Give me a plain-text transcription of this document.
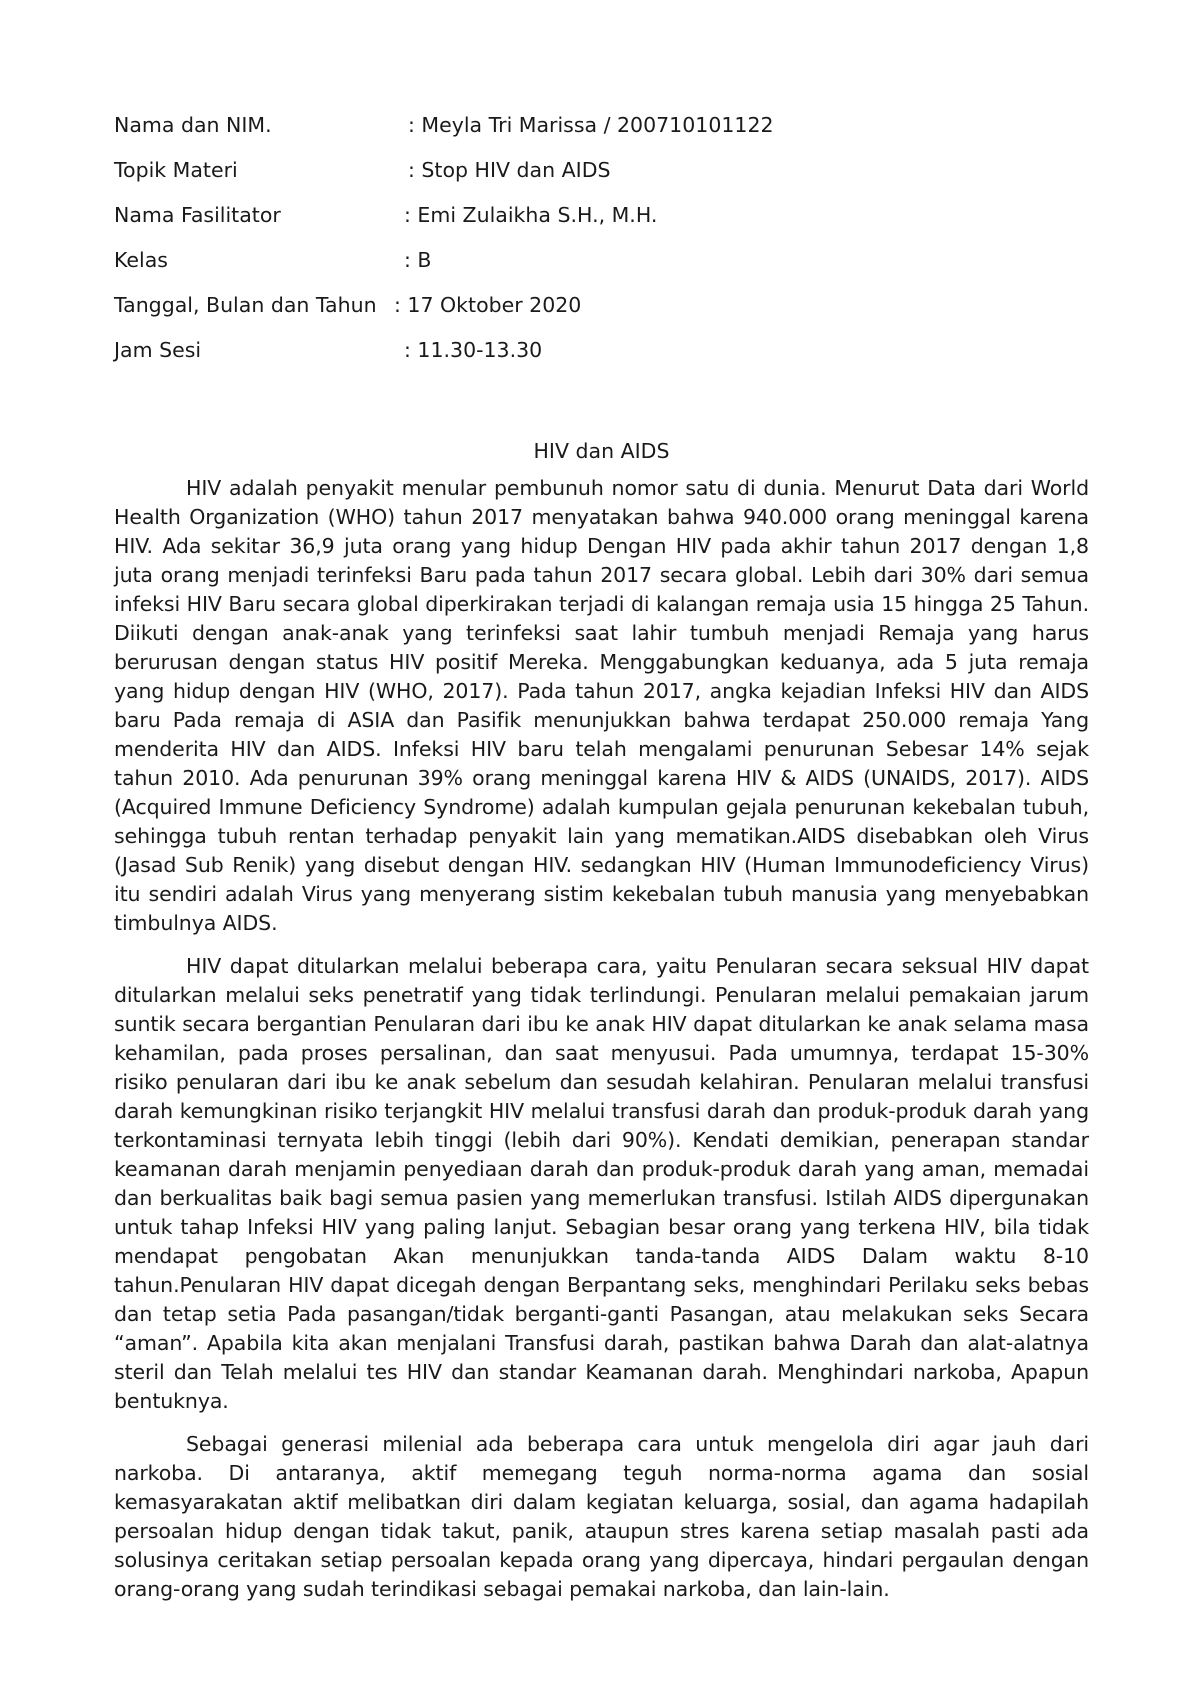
Nama dan NIM.	: Meyla Tri Marissa / 200710101122
Topik Materi	: Stop HIV dan AIDS
Nama Fasilitator	: Emi Zulaikha S.H., M.H.
Kelas	: B
Tanggal, Bulan dan Tahun : 17 Oktober 2020
Jam Sesi	: 11.30-13.30
HIV dan AIDS

HIV adalah penyakit menular pembunuh nomor satu di dunia. Menurut Data dari World Health Organization (WHO) tahun 2017 menyatakan bahwa 940.000 orang meninggal karena HIV. Ada sekitar 36,9 juta orang yang hidup Dengan HIV pada akhir tahun 2017 dengan 1,8 juta orang menjadi terinfeksi Baru pada tahun 2017 secara global. Lebih dari 30% dari semua infeksi HIV Baru secara global diperkirakan terjadi di kalangan remaja usia 15 hingga 25 Tahun. Diikuti dengan anak-anak yang terinfeksi saat lahir tumbuh menjadi Remaja yang harus berurusan dengan status HIV positif Mereka. Menggabungkan keduanya, ada 5 juta remaja yang hidup dengan HIV (WHO, 2017). Pada tahun 2017, angka kejadian Infeksi HIV dan AIDS baru Pada remaja di ASIA dan Pasifik menunjukkan bahwa terdapat 250.000 remaja Yang menderita HIV dan AIDS. Infeksi HIV baru telah mengalami penurunan Sebesar 14% sejak tahun 2010. Ada penurunan 39% orang meninggal karena HIV & AIDS (UNAIDS, 2017). AIDS (Acquired Immune Deficiency Syndrome) adalah kumpulan gejala penurunan kekebalan tubuh, sehingga tubuh rentan terhadap penyakit lain yang mematikan.AIDS disebabkan oleh Virus (Jasad Sub Renik) yang disebut dengan HIV. sedangkan HIV (Human Immunodeficiency Virus) itu sendiri adalah Virus yang menyerang sistim kekebalan tubuh manusia yang menyebabkan timbulnya AIDS.

HIV dapat ditularkan melalui beberapa cara, yaitu Penularan secara seksual HIV dapat ditularkan melalui seks penetratif yang tidak terlindungi. Penularan melalui pemakaian jarum suntik secara bergantian Penularan dari ibu ke anak HIV dapat ditularkan ke anak selama masa kehamilan, pada proses persalinan, dan saat menyusui. Pada umumnya, terdapat 15-30% risiko penularan dari ibu ke anak sebelum dan sesudah kelahiran. Penularan melalui transfusi darah kemungkinan risiko terjangkit HIV melalui transfusi darah dan produk-produk darah yang terkontaminasi ternyata lebih tinggi (lebih dari 90%). Kendati demikian, penerapan standar keamanan darah menjamin penyediaan darah dan produk-produk darah yang aman, memadai dan berkualitas baik bagi semua pasien yang memerlukan transfusi. Istilah AIDS dipergunakan untuk tahap Infeksi HIV yang paling lanjut. Sebagian besar orang yang terkena HIV, bila tidak mendapat pengobatan Akan menunjukkan tanda-tanda AIDS Dalam waktu 8-10 tahun.Penularan HIV dapat dicegah dengan Berpantang seks, menghindari Perilaku seks bebas dan tetap setia Pada pasangan/tidak berganti-ganti Pasangan, atau melakukan seks Secara “aman”. Apabila kita akan menjalani Transfusi darah, pastikan bahwa Darah dan alat-alatnya steril dan Telah melalui tes HIV dan standar Keamanan darah. Menghindari narkoba, Apapun bentuknya.

Sebagai generasi milenial ada beberapa cara untuk mengelola diri agar jauh dari narkoba. Di antaranya, aktif memegang teguh norma-norma agama dan sosial kemasyarakatan aktif melibatkan diri dalam kegiatan keluarga, sosial, dan agama hadapilah persoalan hidup dengan tidak takut, panik, ataupun stres karena setiap masalah pasti ada solusinya ceritakan setiap persoalan kepada orang yang dipercaya, hindari pergaulan dengan orang-orang yang sudah terindikasi sebagai pemakai narkoba, dan lain-lain.
